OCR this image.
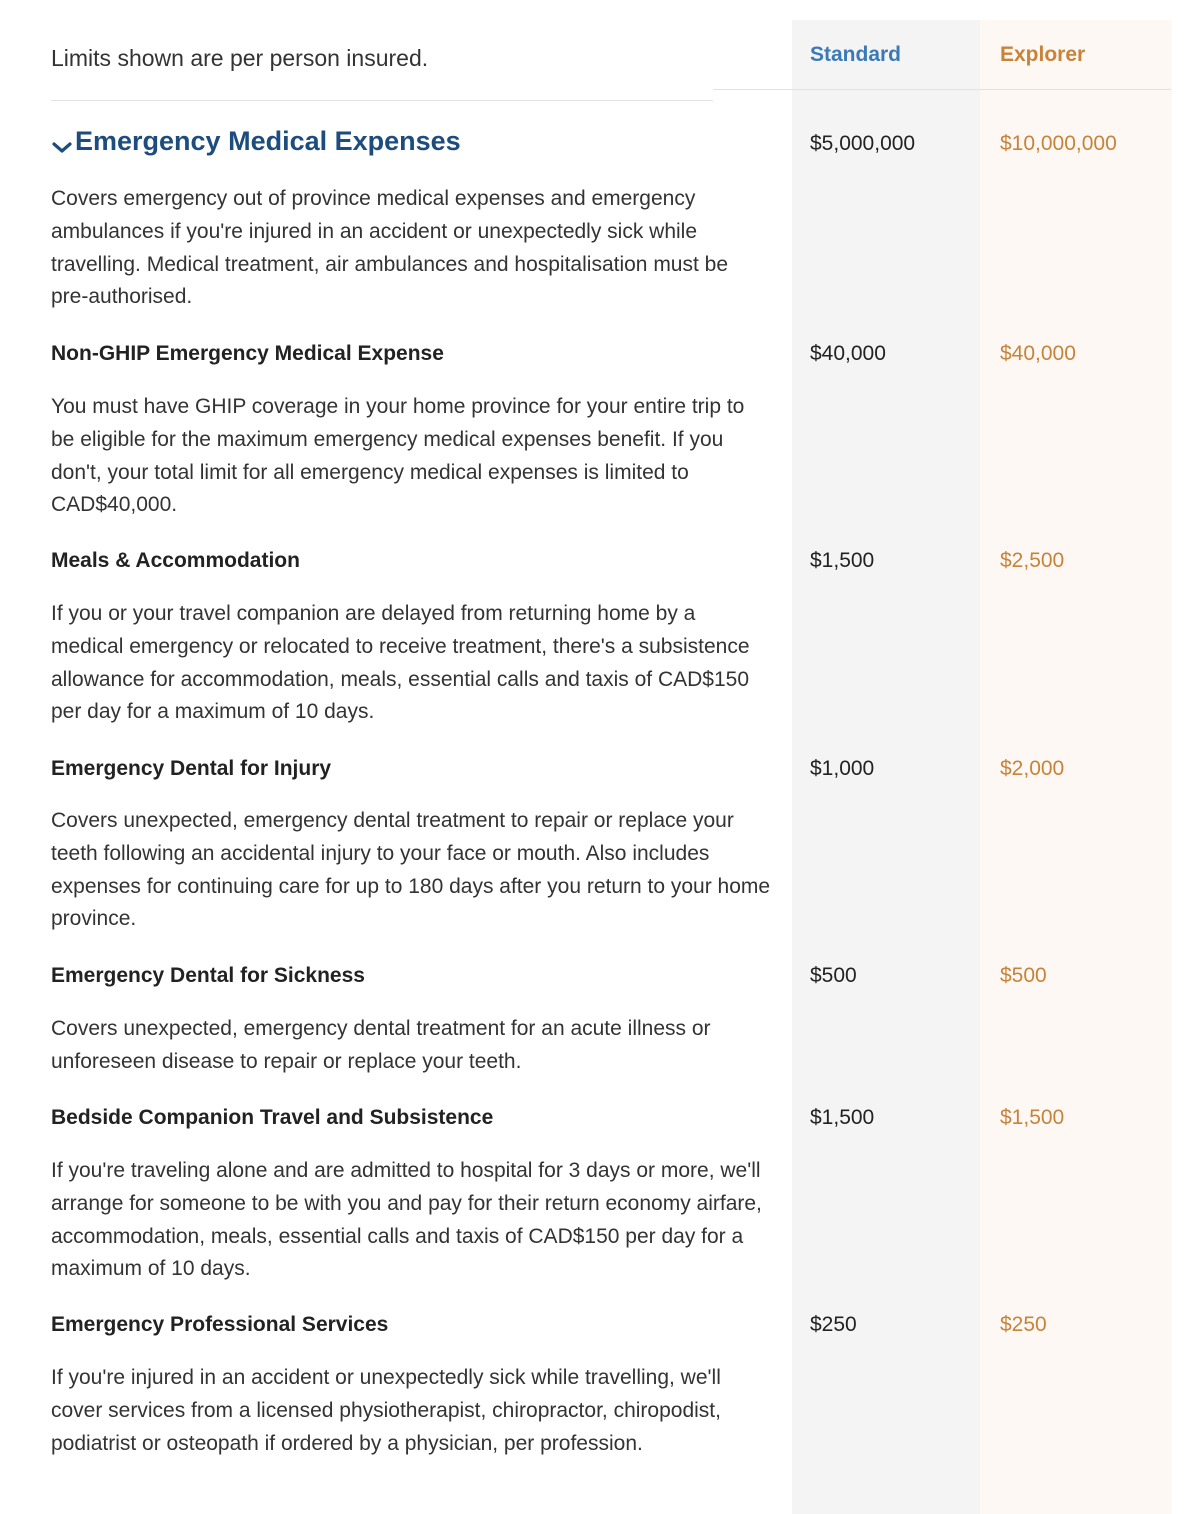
Limits shown are per person insured.	Standard	Explorer
Emergency Medical Expenses	$5,000,000	$10,000,000
Covers emergency out of province medical expenses and emergency ambulances if you're injured in an accident or unexpectedly sick while travelling. Medical treatment, air ambulances and hospitalisation must be pre-authorised.
Non-GHIP Emergency Medical Expense	$40,000	$40,000
You must have GHIP coverage in your home province for your entire trip to be eligible for the maximum emergency medical expenses benefit. If you don't, your total limit for all emergency medical expenses is limited to CAD$40,000.
Meals & Accommodation	$1,500	$2,500
If you or your travel companion are delayed from returning home by a medical emergency or relocated to receive treatment, there's a subsistence allowance for accommodation, meals, essential calls and taxis of CAD$150 per day for a maximum of 10 days.
Emergency Dental for Injury	$1,000	$2,000
Covers unexpected, emergency dental treatment to repair or replace your teeth following an accidental injury to your face or mouth. Also includes expenses for continuing care for up to 180 days after you return to your home province.
Emergency Dental for Sickness	$500	$500
Covers unexpected, emergency dental treatment for an acute illness or unforeseen disease to repair or replace your teeth.
Bedside Companion Travel and Subsistence	$1,500	$1,500
If you're traveling alone and are admitted to hospital for 3 days or more, we'll arrange for someone to be with you and pay for their return economy airfare, accommodation, meals, essential calls and taxis of CAD$150 per day for a maximum of 10 days.
Emergency Professional Services	$250	$250
If you're injured in an accident or unexpectedly sick while travelling, we'll cover services from a licensed physiotherapist, chiropractor, chiropodist, podiatrist or osteopath if ordered by a physician, per profession.
